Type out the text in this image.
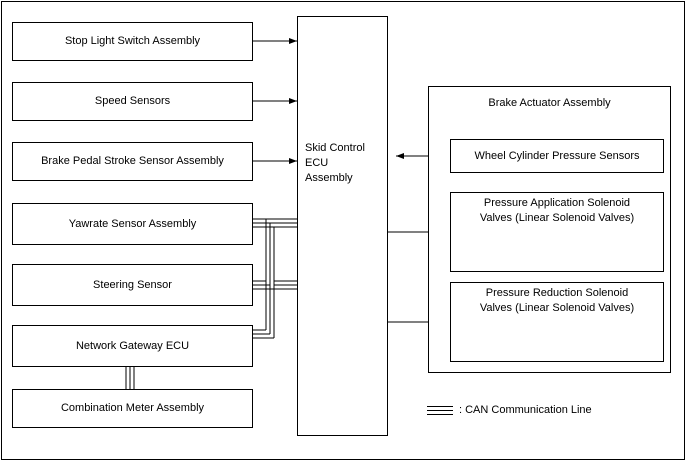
Stop Light Switch Assembly
Speed Sensors
Brake Pedal Stroke Sensor Assembly
Yawrate Sensor Assembly
Steering Sensor
Network Gateway ECU
Combination Meter Assembly
Skid Control
ECU
Assembly
Brake Actuator Assembly
Wheel Cylinder Pressure Sensors
Pressure Application Solenoid
Valves (Linear Solenoid Valves)
Pressure Reduction Solenoid
Valves (Linear Solenoid Valves)
: CAN Communication Line
